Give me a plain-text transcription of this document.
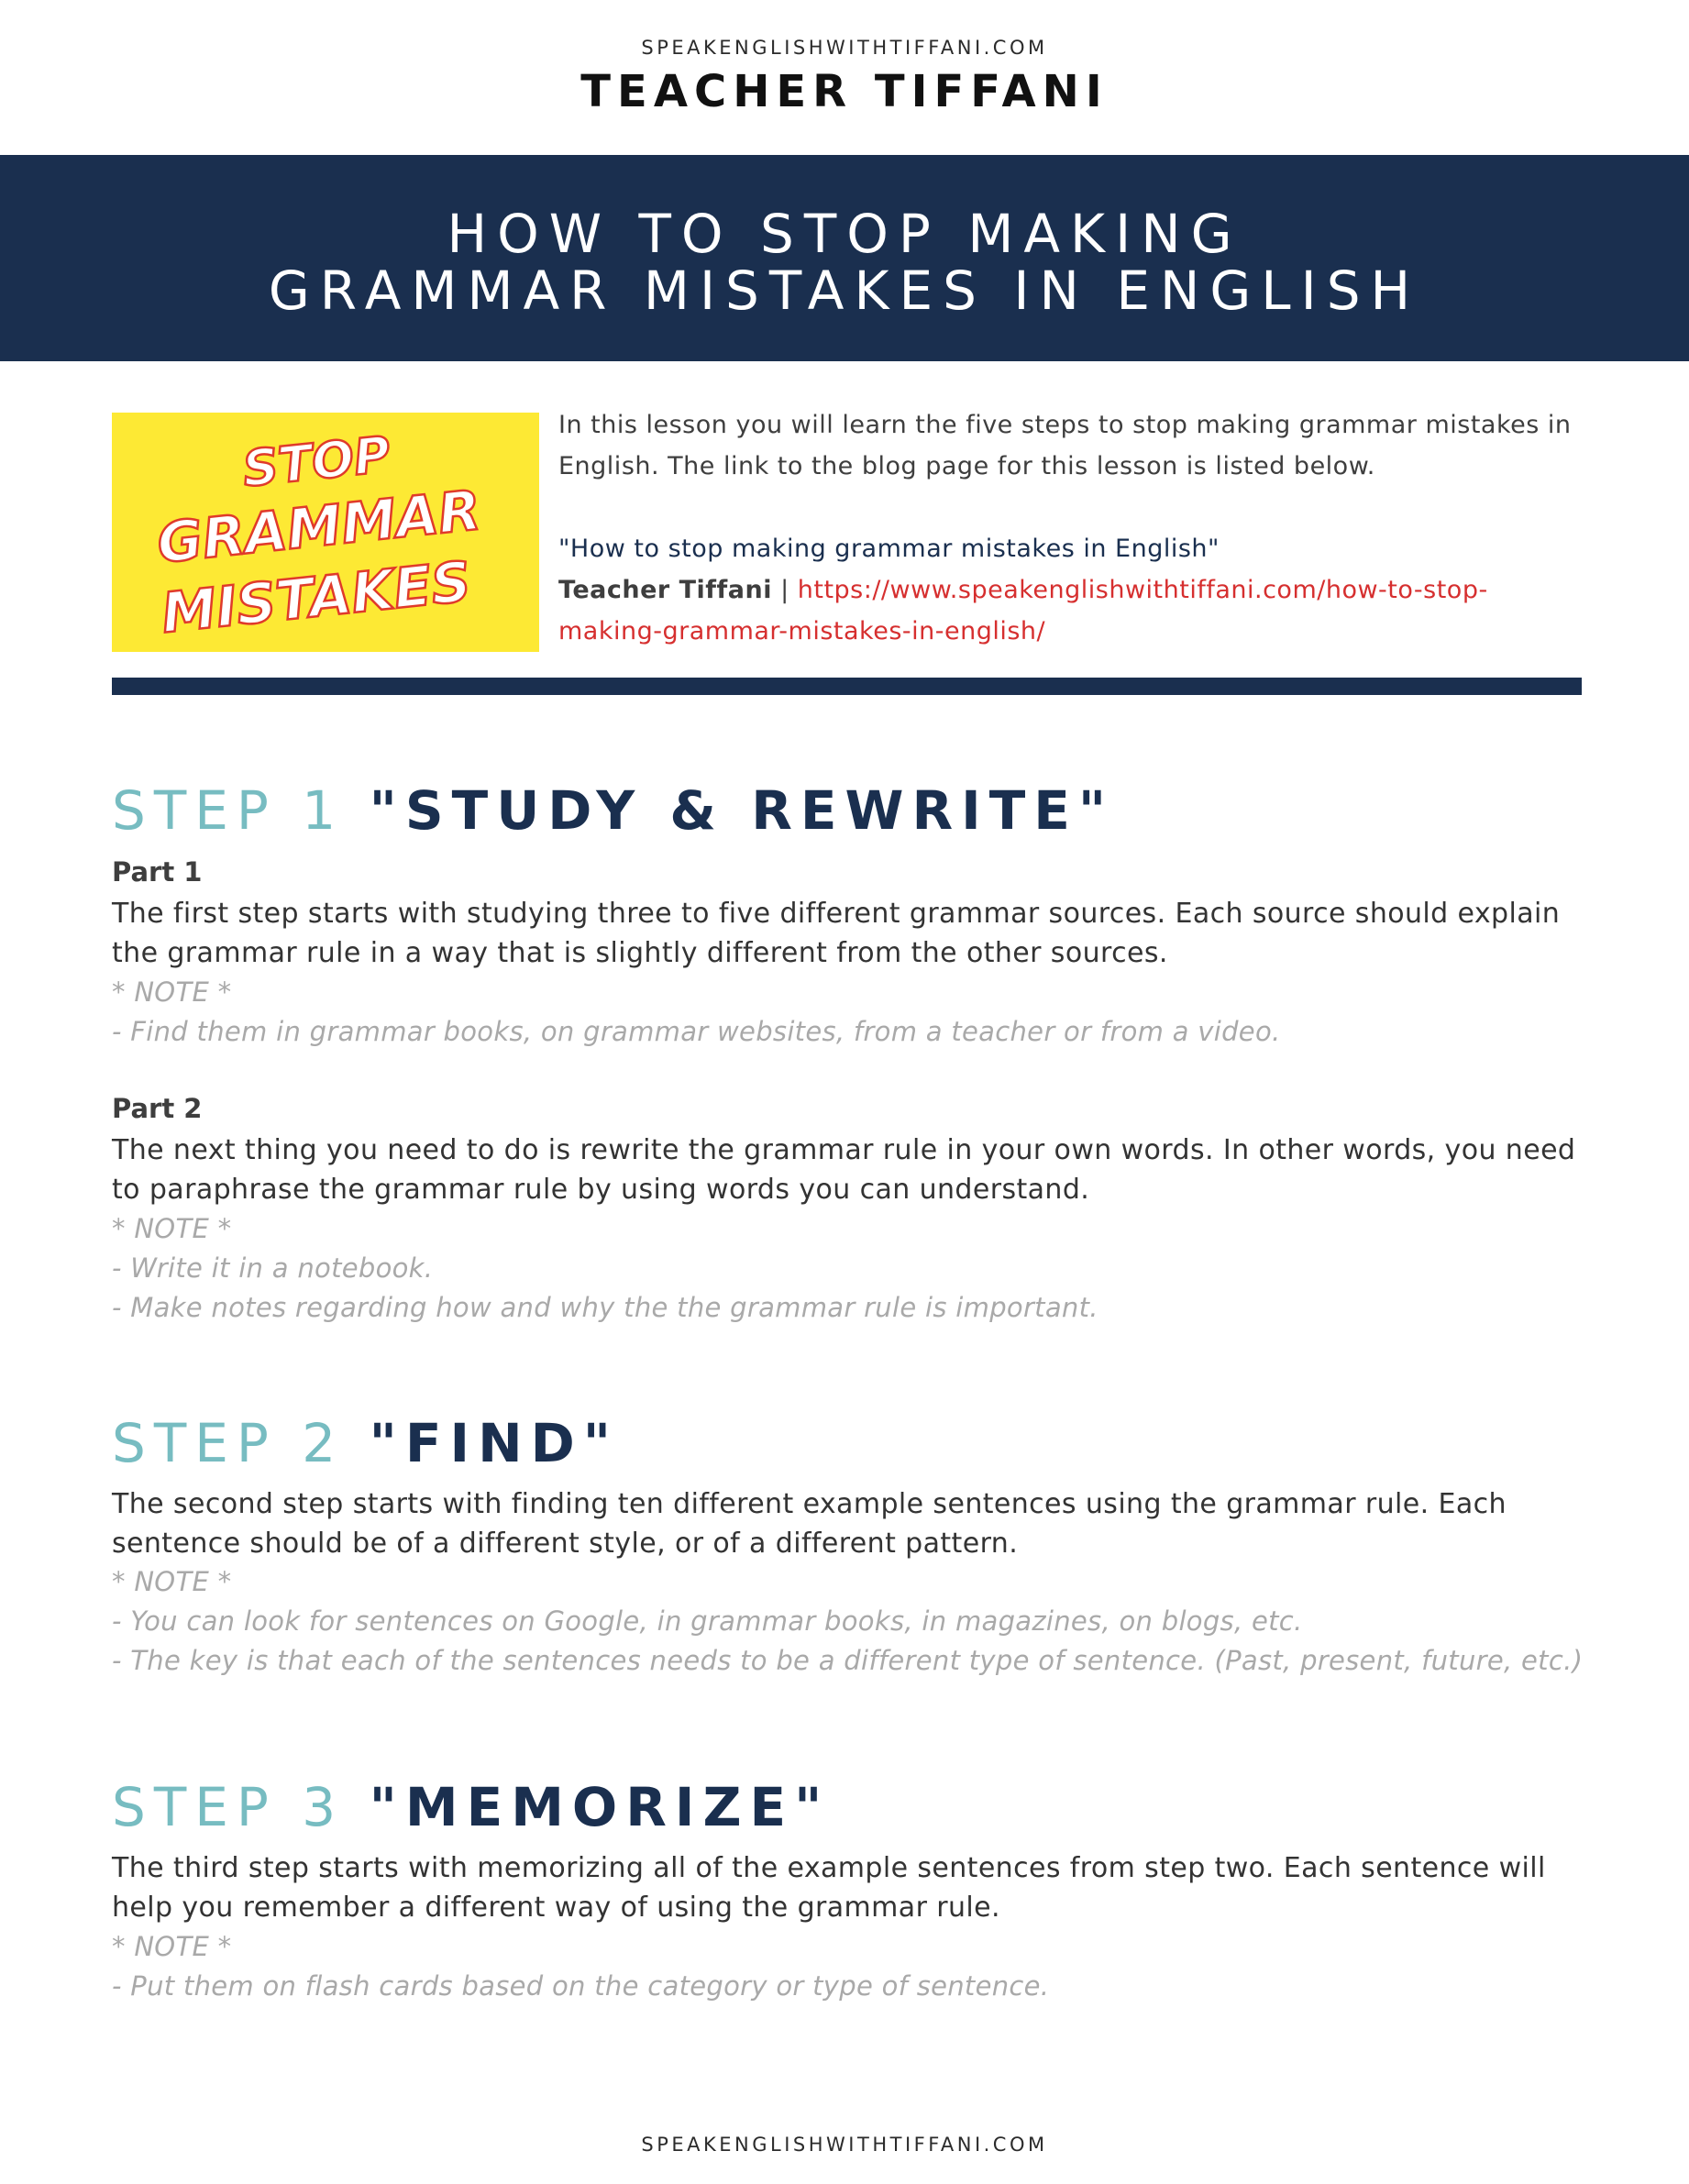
SPEAKENGLISHWITHTIFFANI.COM
TEACHER TIFFANI
HOW TO STOP MAKING
GRAMMAR MISTAKES IN ENGLISH
STOP
GRAMMAR
MISTAKES

In this lesson you will learn the five steps to stop making grammar mistakes in English. The link to the blog page for this lesson is listed below.

"How to stop making grammar mistakes in English"

Teacher Tiffani | https://www.speakenglishwithtiffani.com/how-to-stop-making-grammar-mistakes-in-english/

STEP 1 "STUDY & REWRITE"
Part 1

The first step starts with studying three to five different grammar sources. Each source should explain the grammar rule in a way that is slightly different from the other sources.

* NOTE *
- Find them in grammar books, on grammar websites, from a teacher or from a video.
Part 2

The next thing you need to do is rewrite the grammar rule in your own words. In other words, you need to paraphrase the grammar rule by using words you can understand.

* NOTE *
- Write it in a notebook.
- Make notes regarding how and why the the grammar rule is important.
STEP 2 "FIND"

The second step starts with finding ten different example sentences using the grammar rule. Each sentence should be of a different style, or of a different pattern.

* NOTE *
- You can look for sentences on Google, in grammar books, in magazines, on blogs, etc.
- The key is that each of the sentences needs to be a different type of sentence. (Past, present, future, etc.)
STEP 3 "MEMORIZE"

The third step starts with memorizing all of the example sentences from step two. Each sentence will help you remember a different way of using the grammar rule.

* NOTE *
- Put them on flash cards based on the category or type of sentence.
SPEAKENGLISHWITHTIFFANI.COM
